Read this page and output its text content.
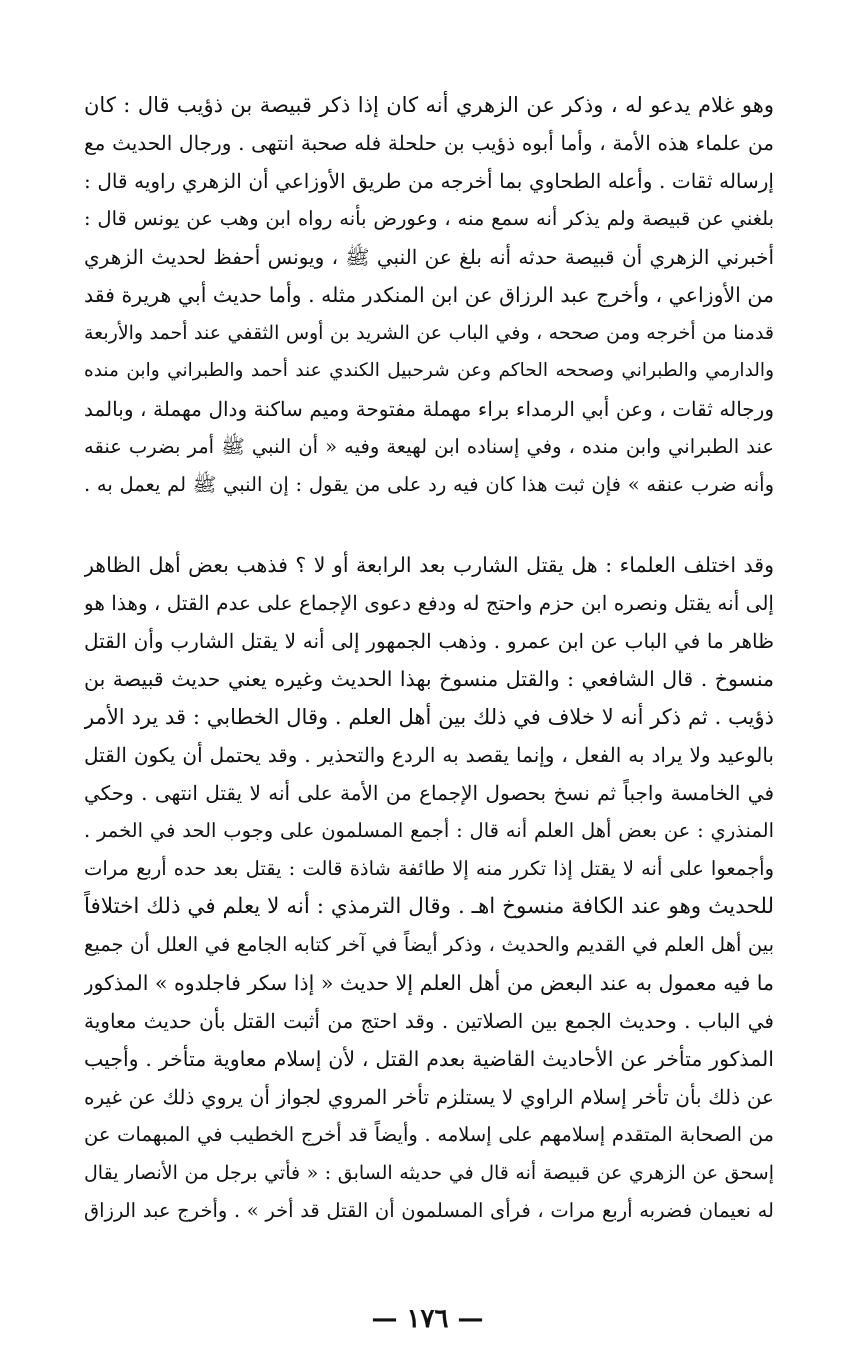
وهو غلام يدعو له ، وذكر عن الزهري أنه كان إذا ذكر قبيصة بن ذؤيب قال : كان
من علماء هذه الأمة ، وأما أبوه ذؤيب بن حلحلة فله صحبة انتهى . ورجال الحديث مع
إرساله ثقات . وأعله الطحاوي بما أخرجه من طريق الأوزاعي أن الزهري راويه قال :
بلغني عن قبيصة ولم يذكر أنه سمع منه ، وعورض بأنه رواه ابن وهب عن يونس قال :
أخبرني الزهري أن قبيصة حدثه أنه بلغ عن النبي ﷺ ، ويونس أحفظ لحديث الزهري
من الأوزاعي ، وأخرج عبد الرزاق عن ابن المنكدر مثله . وأما حديث أبي هريرة فقد
قدمنا من أخرجه ومن صححه ، وفي الباب عن الشريد بن أوس الثقفي عند أحمد والأربعة
والدارمي والطبراني وصححه الحاكم وعن شرحبيل الكندي عند أحمد والطبراني وابن منده
ورجاله ثقات ، وعن أبي الرمداء براء مهملة مفتوحة وميم ساكنة ودال مهملة ، وبالمد
عند الطبراني وابن منده ، وفي إسناده ابن لهيعة وفيه « أن النبي ﷺ أمر بضرب عنقه
وأنه ضرب عنقه » فإن ثبت هذا كان فيه رد على من يقول : إن النبي ﷺ لم يعمل به .
وقد اختلف العلماء : هل يقتل الشارب بعد الرابعة أو لا ؟ فذهب بعض أهل الظاهر
إلى أنه يقتل ونصره ابن حزم واحتج له ودفع دعوى الإجماع على عدم القتل ، وهذا هو
ظاهر ما في الباب عن ابن عمرو . وذهب الجمهور إلى أنه لا يقتل الشارب وأن القتل
منسوخ . قال الشافعي : والقتل منسوخ بهذا الحديث وغيره يعني حديث قبيصة بن
ذؤيب . ثم ذكر أنه لا خلاف في ذلك بين أهل العلم . وقال الخطابي : قد يرد الأمر
بالوعيد ولا يراد به الفعل ، وإنما يقصد به الردع والتحذير . وقد يحتمل أن يكون القتل
في الخامسة واجباً ثم نسخ بحصول الإجماع من الأمة على أنه لا يقتل انتهى . وحكي
المنذري : عن بعض أهل العلم أنه قال : أجمع المسلمون على وجوب الحد في الخمر .
وأجمعوا على أنه لا يقتل إذا تكرر منه إلا طائفة شاذة قالت : يقتل بعد حده أربع مرات
للحديث وهو عند الكافة منسوخ اهـ . وقال الترمذي : أنه لا يعلم في ذلك اختلافاً
بين أهل العلم في القديم والحديث ، وذكر أيضاً في آخر كتابه الجامع في العلل أن جميع
ما فيه معمول به عند البعض من أهل العلم إلا حديث « إذا سكر فاجلدوه » المذكور
في الباب . وحديث الجمع بين الصلاتين . وقد احتج من أثبت القتل بأن حديث معاوية
المذكور متأخر عن الأحاديث القاضية بعدم القتل ، لأن إسلام معاوية متأخر . وأجيب
عن ذلك بأن تأخر إسلام الراوي لا يستلزم تأخر المروي لجواز أن يروي ذلك عن غيره
من الصحابة المتقدم إسلامهم على إسلامه . وأيضاً قد أخرج الخطيب في المبهمات عن
إسحق عن الزهري عن قبيصة أنه قال في حديثه السابق : « فأتي برجل من الأنصار يقال
له نعيمان فضربه أربع مرات ، فرأى المسلمون أن القتل قد أخر » . وأخرج عبد الرزاق
— ١٧٦ —
